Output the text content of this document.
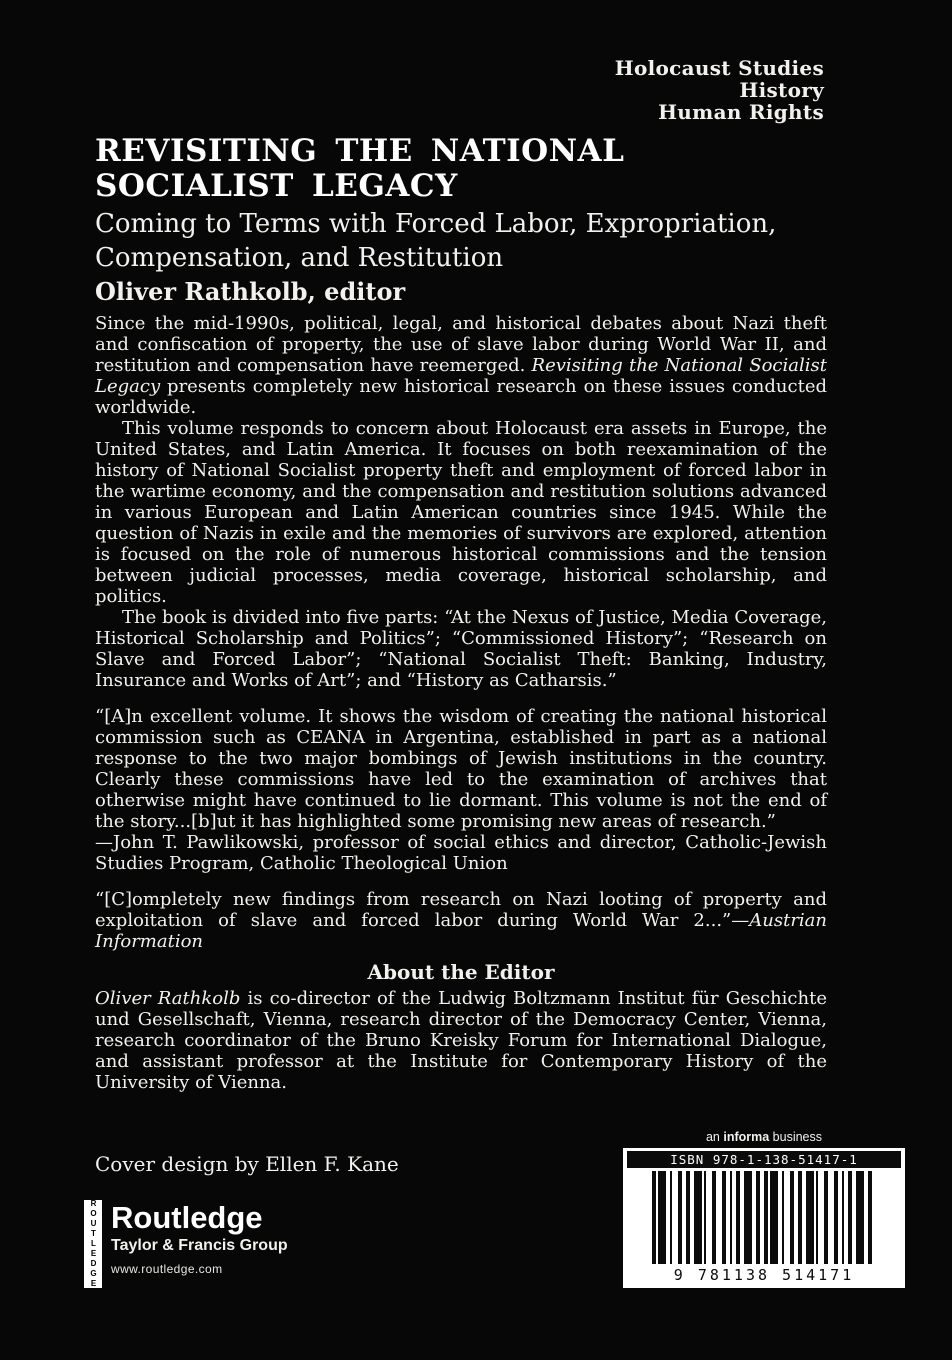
Holocaust Studies
History
Human Rights
REVISITING THE NATIONAL SOCIALIST LEGACY
Coming to Terms with Forced Labor, Expropriation, Compensation, and Restitution
Oliver Rathkolb, editor

Since the mid-1990s, political, legal, and historical debates about Nazi theft and confiscation of property, the use of slave labor during World War II, and restitution and compensation have reemerged. Revisiting the National Socialist Legacy presents completely new historical research on these issues conducted worldwide.

This volume responds to concern about Holocaust era assets in Europe, the United States, and Latin America. It focuses on both reexamination of the history of National Socialist property theft and employment of forced labor in the wartime economy, and the compensation and restitution solutions advanced in various European and Latin American countries since 1945. While the question of Nazis in exile and the memories of survivors are explored, attention is focused on the role of numerous historical commissions and the tension between judicial processes, media coverage, historical scholarship, and politics.

The book is divided into five parts: “At the Nexus of Justice, Media Coverage, Historical Scholarship and Politics”; “Commissioned History”; “Research on Slave and Forced Labor”; “National Socialist Theft: Banking, Industry, Insurance and Works of Art”; and “History as Catharsis.”

“[A]n excellent volume. It shows the wisdom of creating the national historical commission such as CEANA in Argentina, established in part as a national response to the two major bombings of Jewish institutions in the country. Clearly these commissions have led to the examination of archives that otherwise might have continued to lie dormant. This volume is not the end of the story...[b]ut it has highlighted some promising new areas of research.”

—John T. Pawlikowski, professor of social ethics and director, Catholic-Jewish Studies Program, Catholic Theological Union

“[C]ompletely new findings from research on Nazi looting of property and exploitation of slave and forced labor during World War 2...”—Austrian Information

About the Editor

Oliver Rathkolb is co-director of the Ludwig Boltzmann Institut für Geschichte und Gesellschaft, Vienna, research director of the Democracy Center, Vienna, research coordinator of the Bruno Kreisky Forum for International Dialogue, and assistant professor at the Institute for Contemporary History of the University of Vienna.

Cover design by Ellen F. Kane
ROUTLEDGE Routledge
Taylor & Francis Group
www.routledge.com
an informa business
ISBN 978-1-138-51417-1
9 781138 514171
